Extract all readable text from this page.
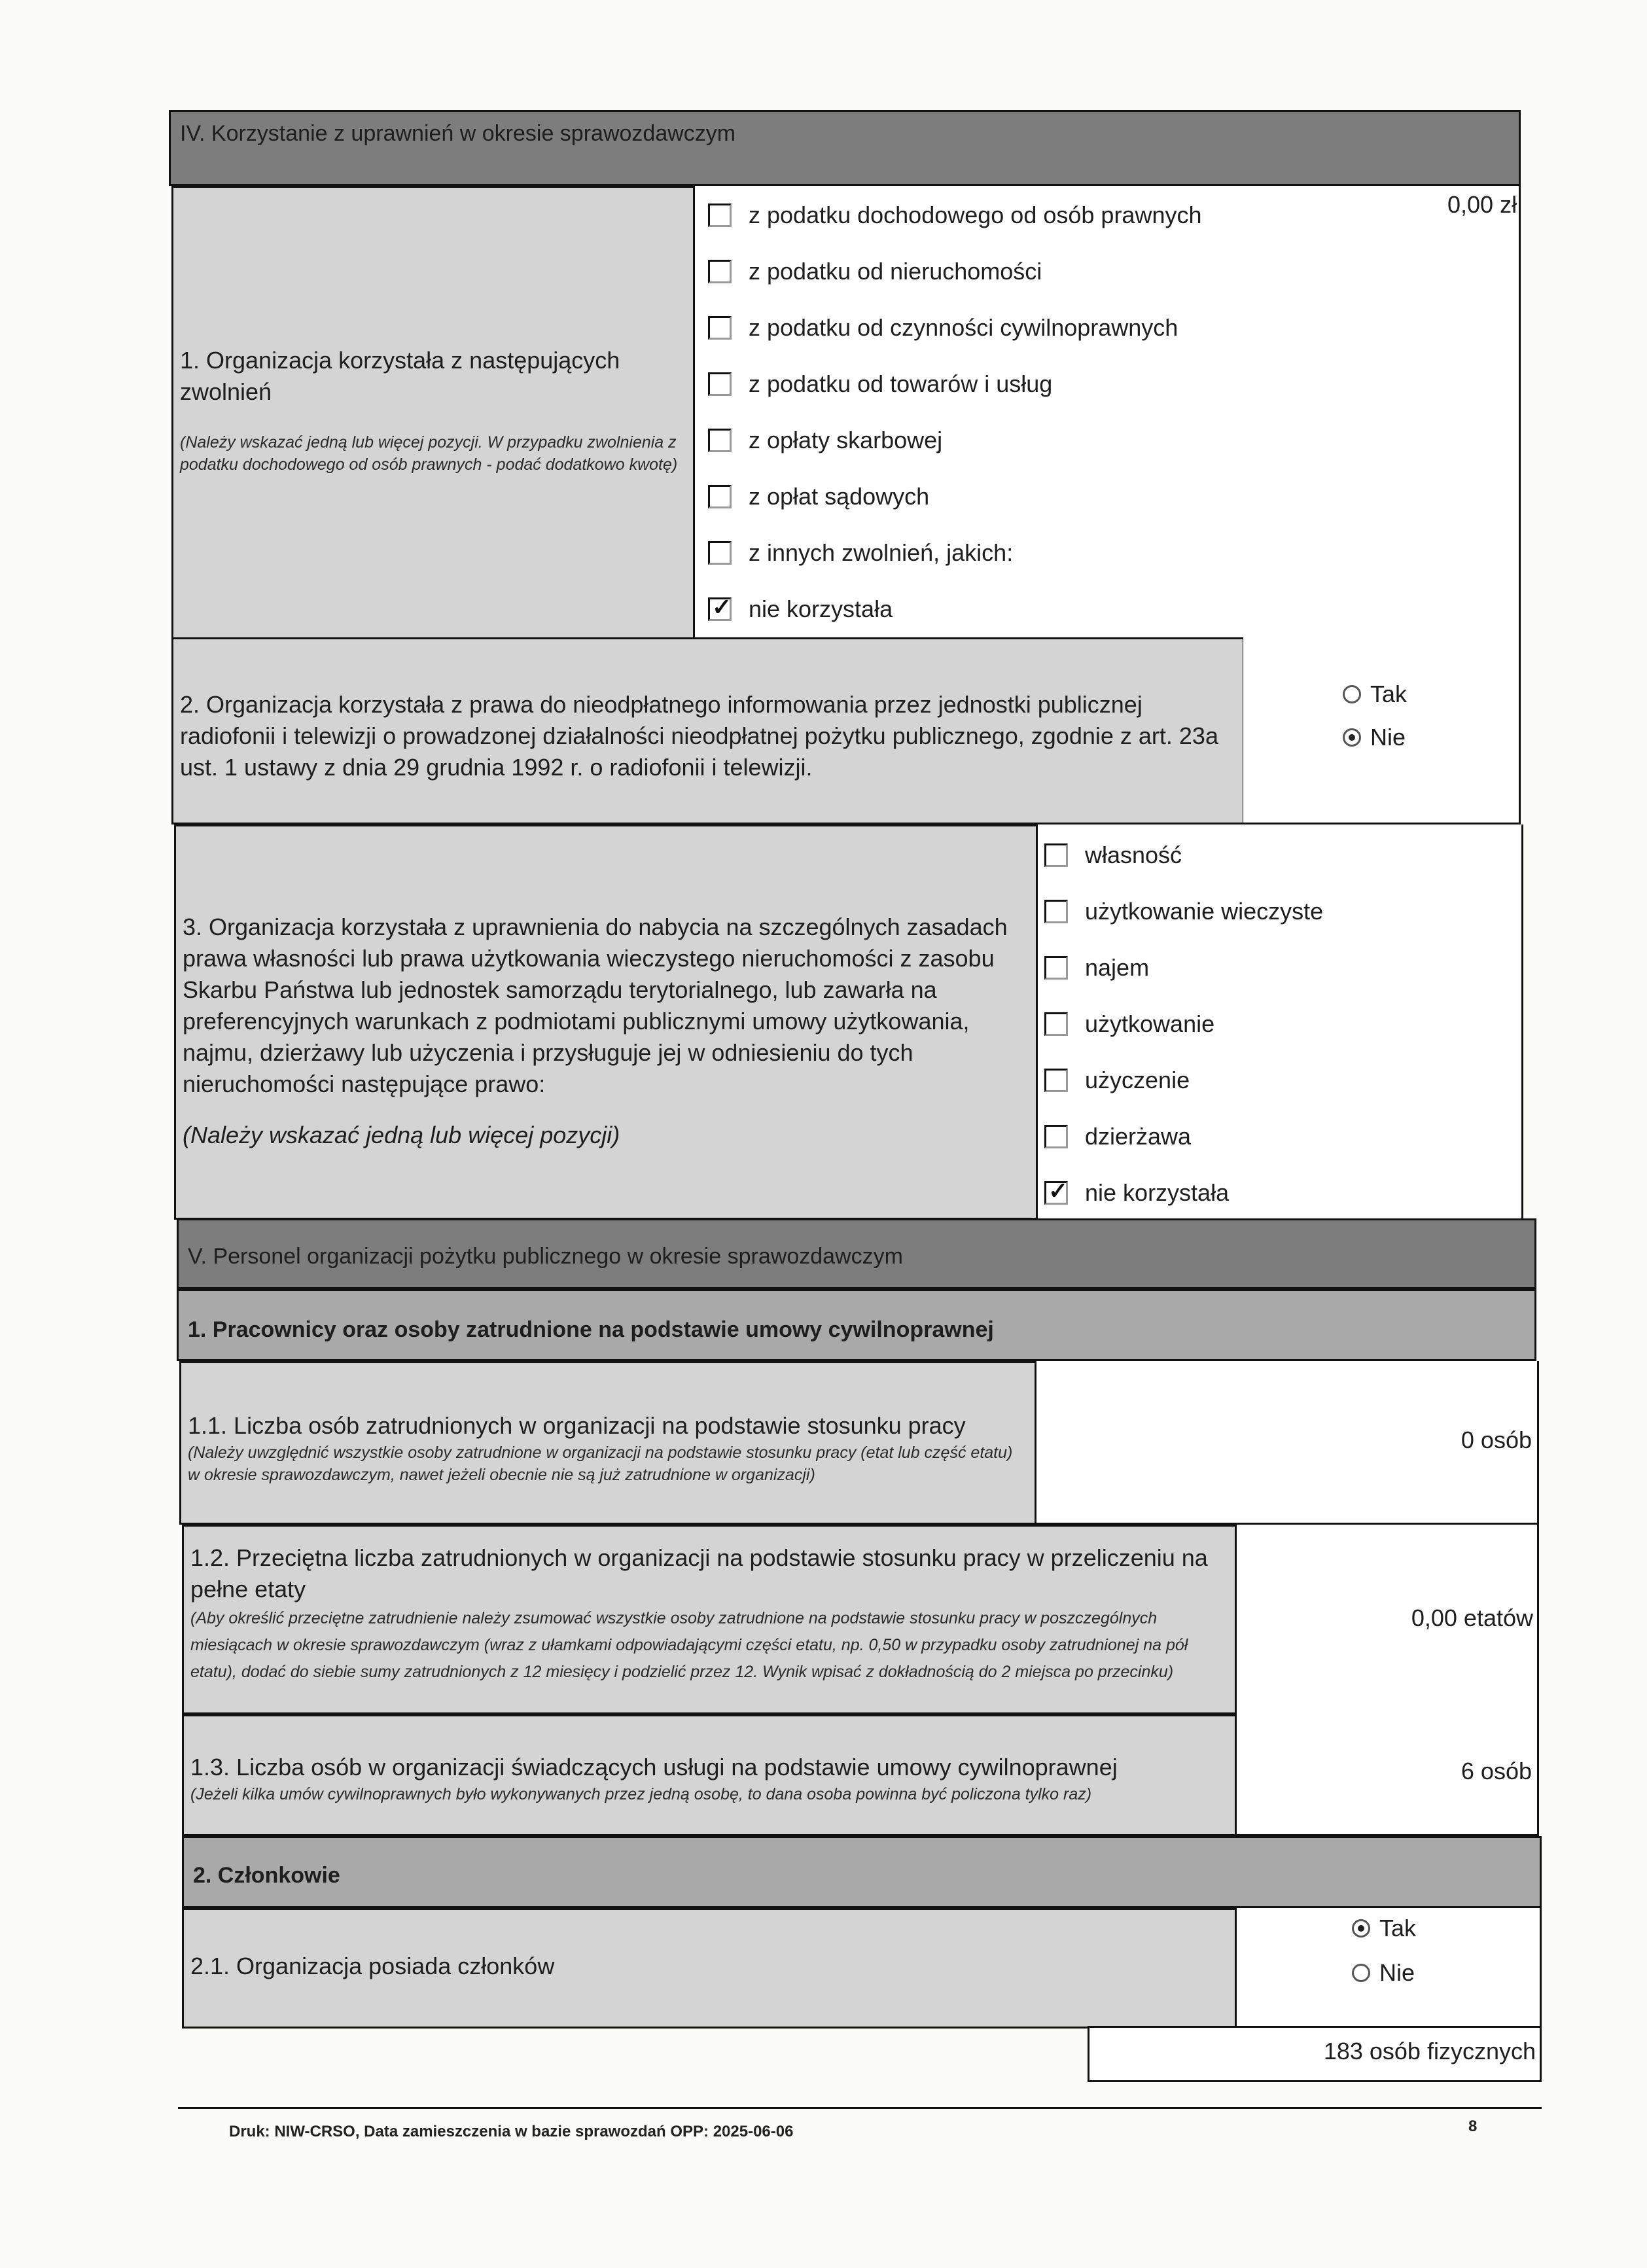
IV. Korzystanie z uprawnień w okresie sprawozdawczym
1. Organizacja korzystała z następujących zwolnień
(Należy wskazać jedną lub więcej pozycji. W przypadku zwolnienia z podatku dochodowego od osób prawnych - podać dodatkowo kwotę)
0,00 zł
z podatku dochodowego od osób prawnych
z podatku od nieruchomości
z podatku od czynności cywilnoprawnych
z podatku od towarów i usług
z opłaty skarbowej
z opłat sądowych
z innych zwolnień, jakich:
✓
nie korzystała
2. Organizacja korzystała z prawa do nieodpłatnego informowania przez jednostki publicznej radiofonii i telewizji o prowadzonej działalności nieodpłatnej pożytku publicznego, zgodnie z art. 23a ust. 1 ustawy z dnia 29 grudnia 1992 r. o radiofonii i telewizji.
Tak
Nie
3. Organizacja korzystała z uprawnienia do nabycia na szczególnych zasadach prawa własności lub prawa użytkowania wieczystego nieruchomości z zasobu Skarbu Państwa lub jednostek samorządu terytorialnego, lub zawarła na preferencyjnych warunkach z podmiotami publicznymi umowy użytkowania, najmu, dzierżawy lub użyczenia i przysługuje jej w odniesieniu do tych nieruchomości następujące prawo:
(Należy wskazać jedną lub więcej pozycji)
własność
użytkowanie wieczyste
najem
użytkowanie
użyczenie
dzierżawa
✓
nie korzystała
V. Personel organizacji pożytku publicznego w okresie sprawozdawczym
1. Pracownicy oraz osoby zatrudnione na podstawie umowy cywilnoprawnej
1.1. Liczba osób zatrudnionych w organizacji na podstawie stosunku pracy
(Należy uwzględnić wszystkie osoby zatrudnione w organizacji na podstawie stosunku pracy (etat lub część etatu) w okresie sprawozdawczym, nawet jeżeli obecnie nie są już zatrudnione w organizacji)
0 osób
1.2. Przeciętna liczba zatrudnionych w organizacji na podstawie stosunku pracy w przeliczeniu na pełne etaty
(Aby określić przeciętne zatrudnienie należy zsumować wszystkie osoby zatrudnione na podstawie stosunku pracy w poszczególnych miesiącach w okresie sprawozdawczym (wraz z ułamkami odpowiadającymi części etatu, np. 0,50 w przypadku osoby zatrudnionej na pół etatu), dodać do siebie sumy zatrudnionych z 12 miesięcy i podzielić przez 12. Wynik wpisać z dokładnością do 2 miejsca po przecinku)
0,00 etatów
1.3. Liczba osób w organizacji świadczących usługi na podstawie umowy cywilnoprawnej
(Jeżeli kilka umów cywilnoprawnych było wykonywanych przez jedną osobę, to dana osoba powinna być policzona tylko raz)
6 osób
2. Członkowie
2.1. Organizacja posiada członków
Tak
Nie
183 osób fizycznych
Druk: NIW-CRSO, Data zamieszczenia w bazie sprawozdań OPP: 2025-06-06	8
